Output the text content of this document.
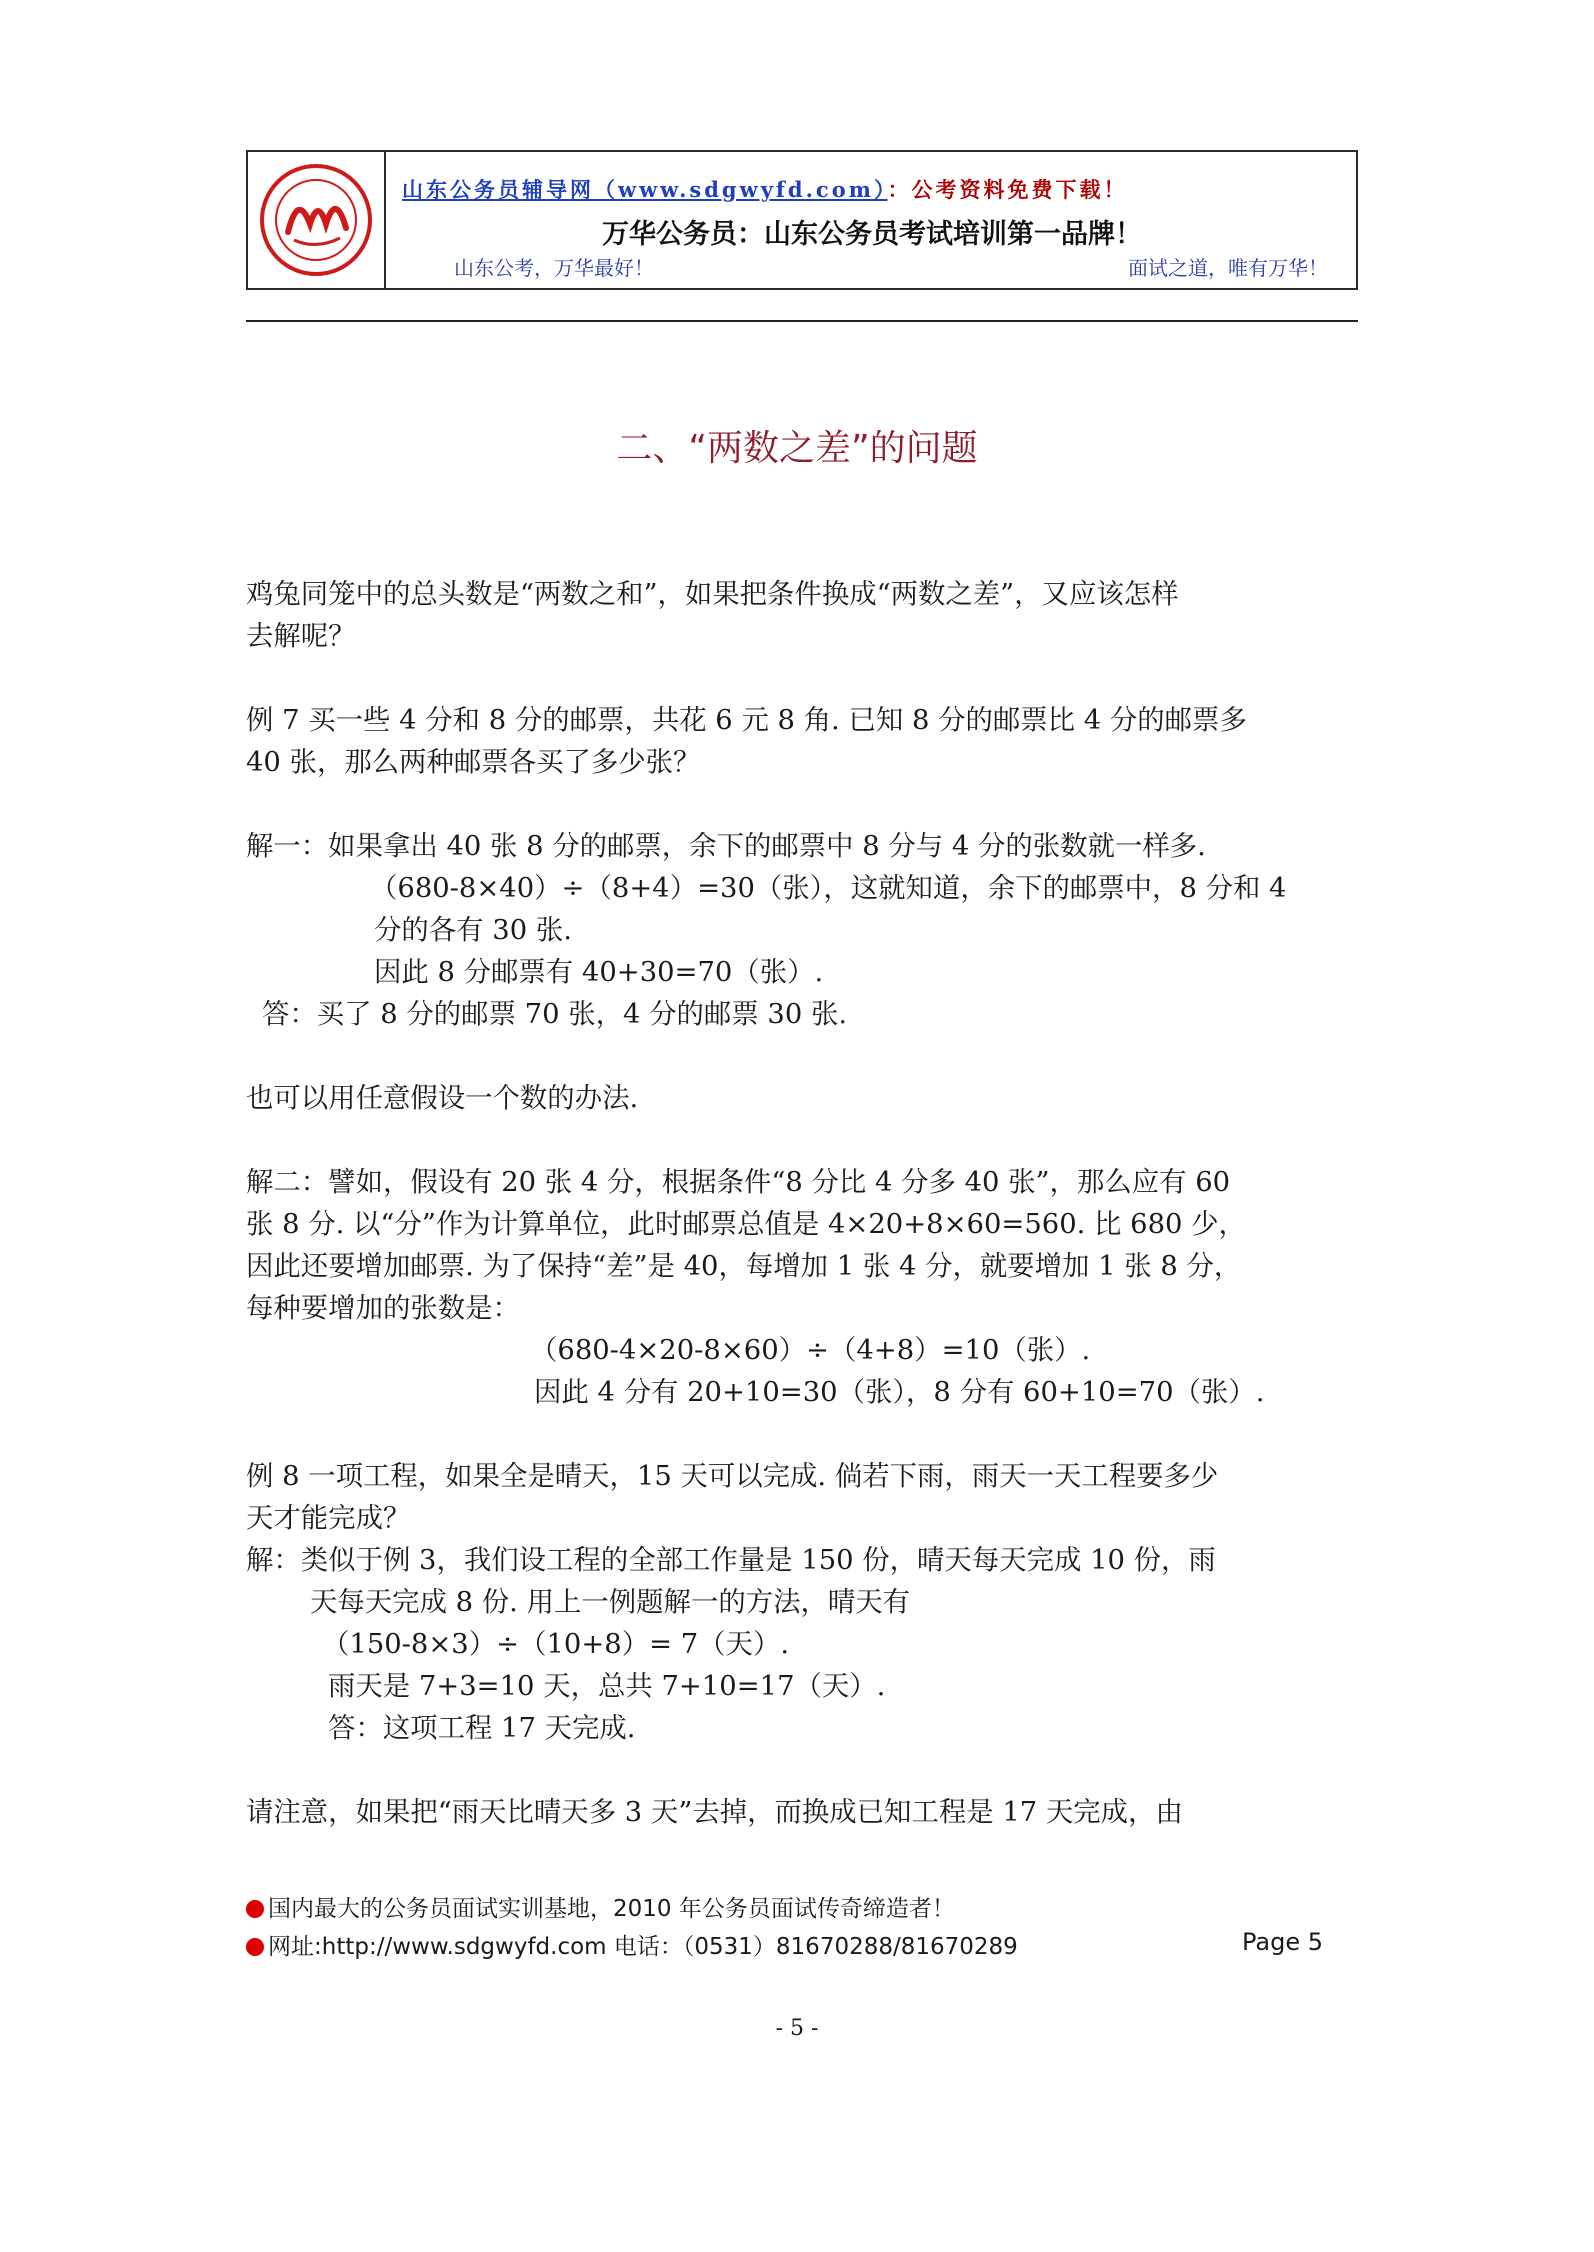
山东公务员辅导网（www.sdgwyfd.com）：公考资料免费下载！
万华公务员：山东公务员考试培训第一品牌！
山东公考，万华最好！	面试之道，唯有万华！
二、“两数之差”的问题

鸡兔同笼中的总头数是“两数之和”，如果把条件换成“两数之差”，又应该怎样

去解呢？

例 7 买一些 4 分和 8 分的邮票，共花 6 元 8 角. 已知 8 分的邮票比 4 分的邮票多

40 张，那么两种邮票各买了多少张？

解一：如果拿出 40 张 8 分的邮票，余下的邮票中 8 分与 4 分的张数就一样多.

（680-8×40）÷（8+4）=30（张），这就知道，余下的邮票中，8 分和 4

分的各有 30 张.

因此 8 分邮票有 40+30=70（张）.

答：买了 8 分的邮票 70 张，4 分的邮票 30 张.

也可以用任意假设一个数的办法.

解二：譬如，假设有 20 张 4 分，根据条件“8 分比 4 分多 40 张”，那么应有 60

张 8 分. 以“分”作为计算单位，此时邮票总值是 4×20+8×60=560. 比 680 少，

因此还要增加邮票. 为了保持“差”是 40，每增加 1 张 4 分，就要增加 1 张 8 分，

每种要增加的张数是：

（680-4×20-8×60）÷（4+8）=10（张）.

因此 4 分有 20+10=30（张），8 分有 60+10=70（张）.

例 8 一项工程，如果全是晴天，15 天可以完成. 倘若下雨，雨天一天工程要多少

天才能完成？

解：类似于例 3，我们设工程的全部工作量是 150 份，晴天每天完成 10 份，雨

天每天完成 8 份. 用上一例题解一的方法，晴天有

（150-8×3）÷（10+8）= 7（天）.

雨天是 7+3=10 天，总共 7+10=17（天）.

答：这项工程 17 天完成.

请注意，如果把“雨天比晴天多 3 天”去掉，而换成已知工程是 17 天完成，由

国内最大的公务员面试实训基地，2010 年公务员面试传奇缔造者！
网址:http://www.sdgwyfd.com 电话：（0531）81670288/81670289	Page 5
- 5 -
